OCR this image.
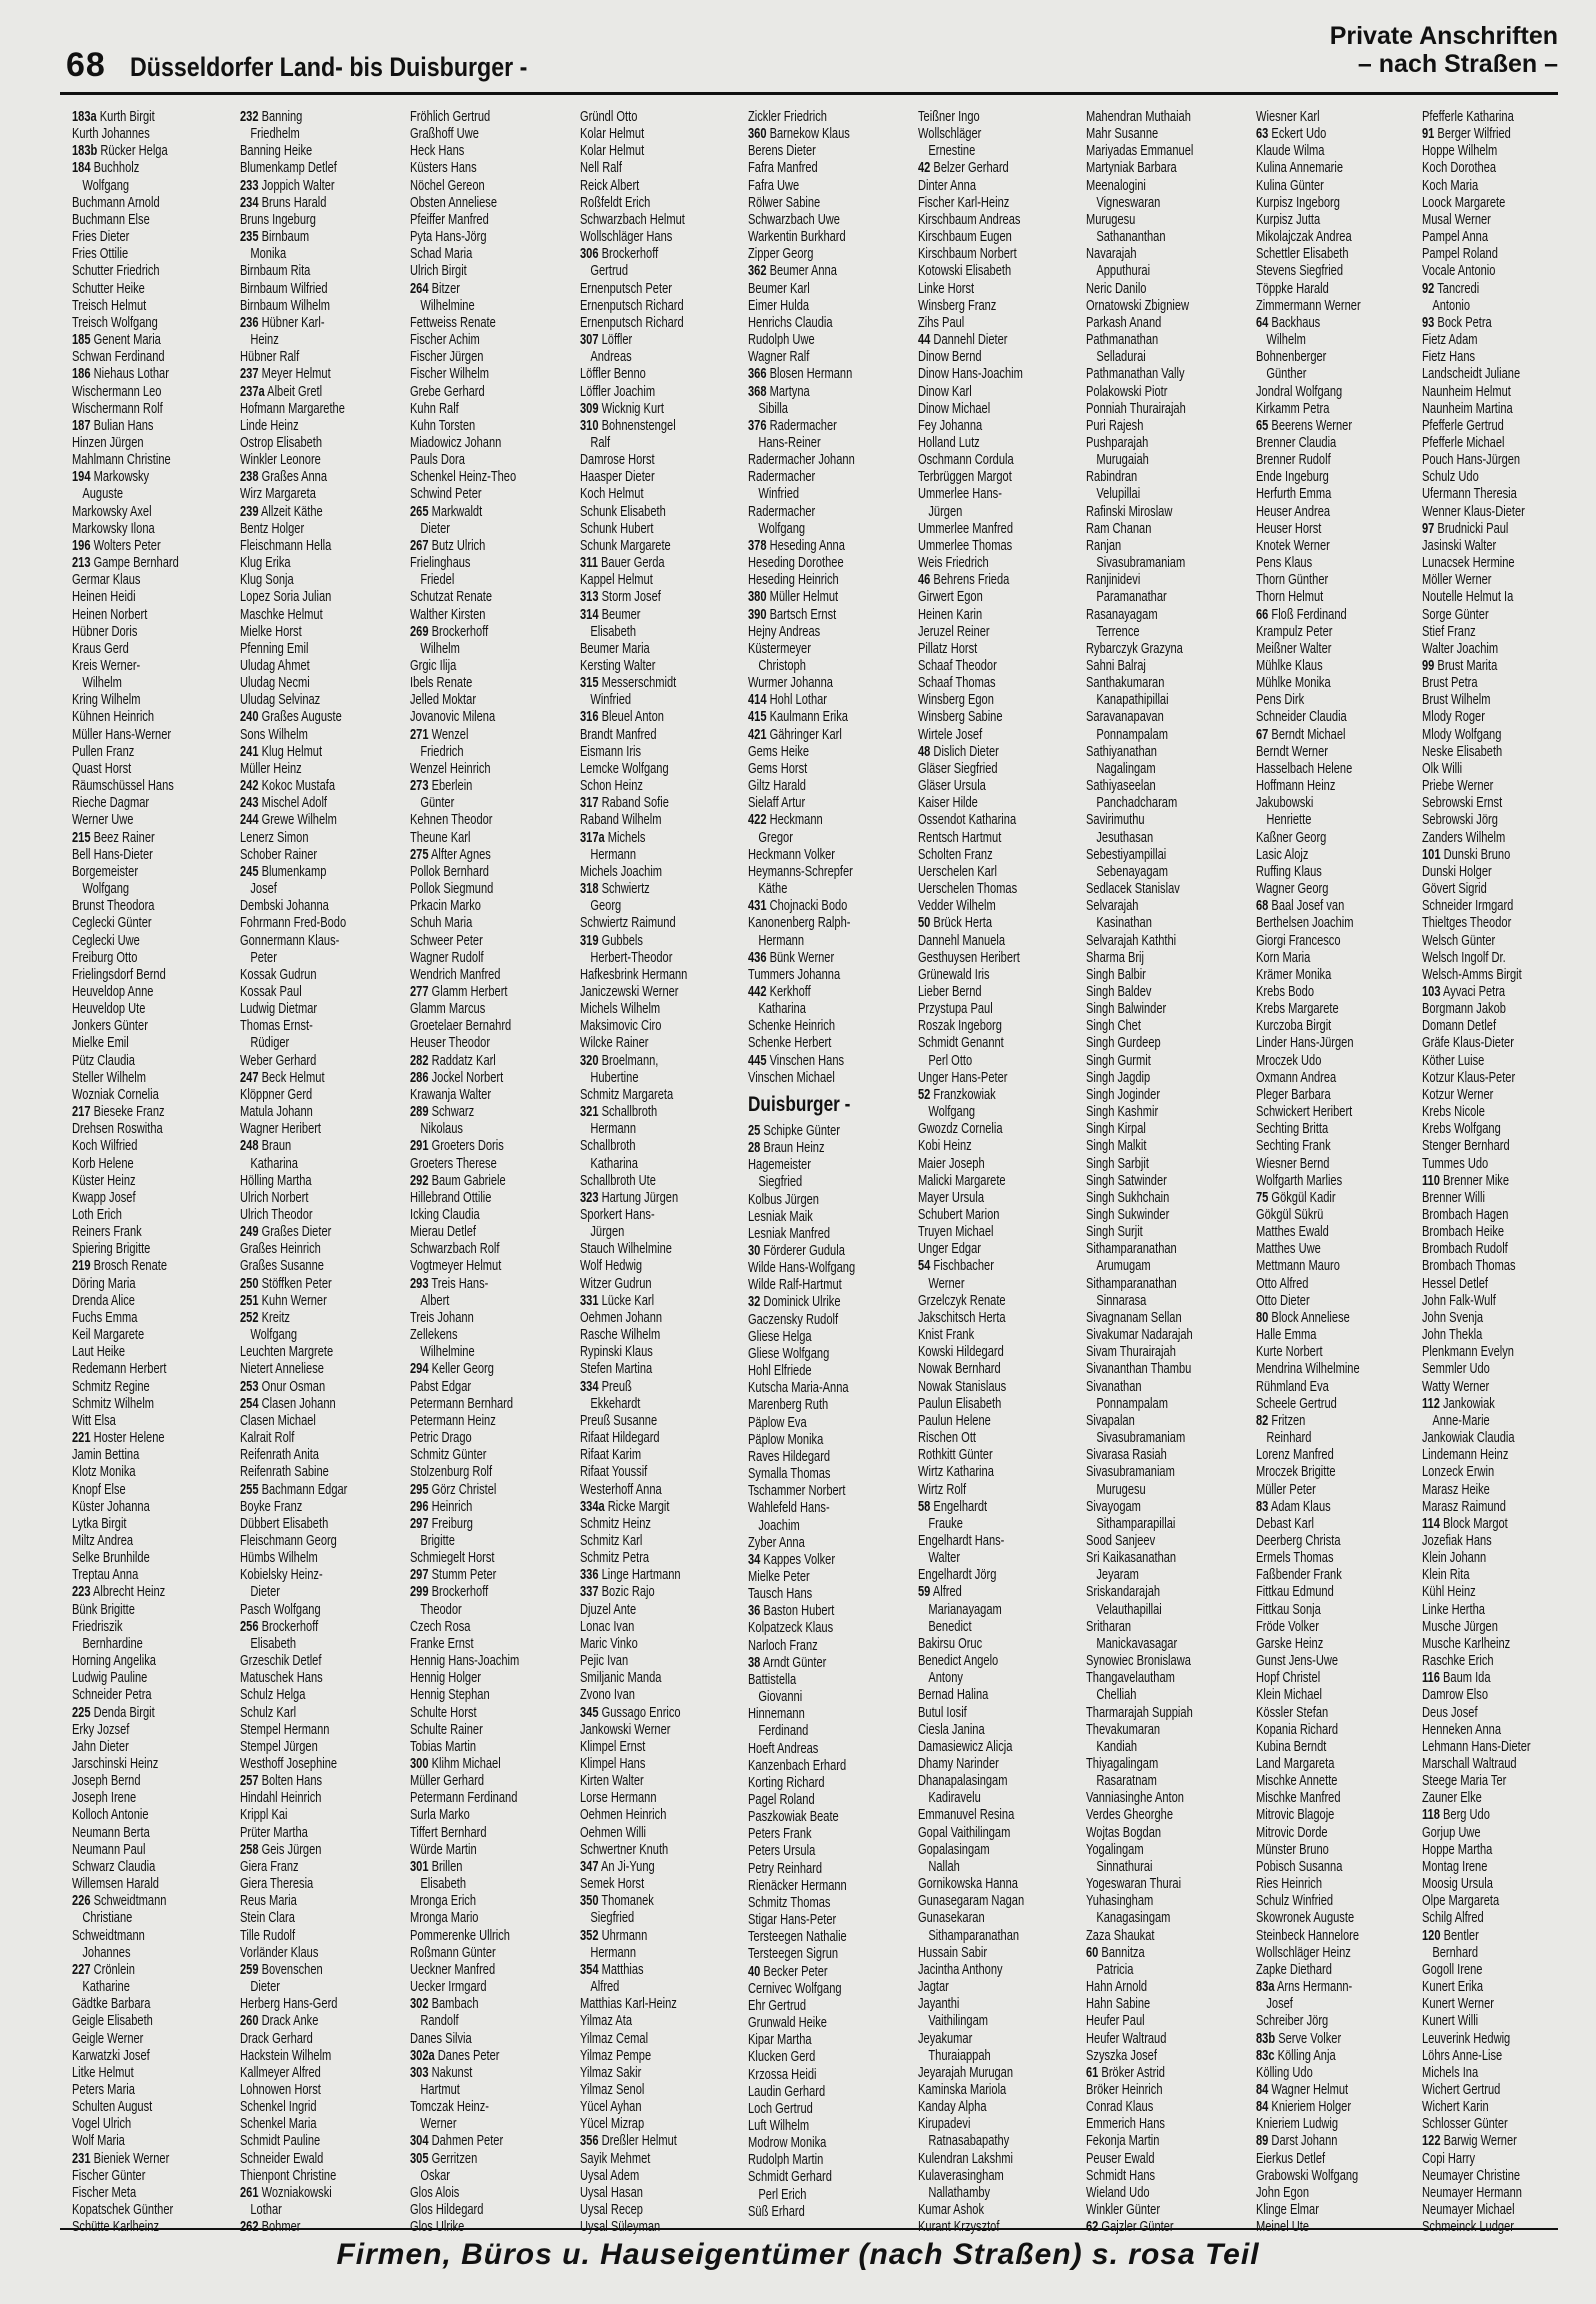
68 Düsseldorfer Land- bis Duisburger -
Private Anschriften
– nach Straßen –
183a Kurth Birgit
Kurth Johannes
183b Rücker Helga
184 Buchholz
Wolfgang
Buchmann Arnold
Buchmann Else
Fries Dieter
Fries Ottilie
Schutter Friedrich
Schutter Heike
Treisch Helmut
Treisch Wolfgang
185 Genent Maria
Schwan Ferdinand
186 Niehaus Lothar
Wischermann Leo
Wischermann Rolf
187 Bulian Hans
Hinzen Jürgen
Mahlmann Christine
194 Markowsky
Auguste
Markowsky Axel
Markowsky Ilona
196 Wolters Peter
213 Gampe Bernhard
Germar Klaus
Heinen Heidi
Heinen Norbert
Hübner Doris
Kraus Gerd
Kreis Werner-
Wilhelm
Kring Wilhelm
Kühnen Heinrich
Müller Hans-Werner
Pullen Franz
Quast Horst
Räumschüssel Hans
Rieche Dagmar
Werner Uwe
215 Beez Rainer
Bell Hans-Dieter
Borgemeister
Wolfgang
Brunst Theodora
Ceglecki Günter
Ceglecki Uwe
Freiburg Otto
Frielingsdorf Bernd
Heuveldop Anne
Heuveldop Ute
Jonkers Günter
Mielke Emil
Pütz Claudia
Steller Wilhelm
Wozniak Cornelia
217 Bieseke Franz
Drehsen Roswitha
Koch Wilfried
Korb Helene
Küster Heinz
Kwapp Josef
Loth Erich
Reiners Frank
Spiering Brigitte
219 Brosch Renate
Döring Maria
Drenda Alice
Fuchs Emma
Keil Margarete
Laut Heike
Redemann Herbert
Schmitz Regine
Schmitz Wilhelm
Witt Elsa
221 Hoster Helene
Jamin Bettina
Klotz Monika
Knopf Else
Küster Johanna
Lytka Birgit
Miltz Andrea
Selke Brunhilde
Treptau Anna
223 Albrecht Heinz
Bünk Brigitte
Friedriszik
Bernhardine
Horning Angelika
Ludwig Pauline
Schneider Petra
225 Denda Birgit
Erky Jozsef
Jahn Dieter
Jarschinski Heinz
Joseph Bernd
Joseph Irene
Kolloch Antonie
Neumann Berta
Neumann Paul
Schwarz Claudia
Willemsen Harald
226 Schweidtmann
Christiane
Schweidtmann
Johannes
227 Crönlein
Katharine
Gädtke Barbara
Geigle Elisabeth
Geigle Werner
Karwatzki Josef
Litke Helmut
Peters Maria
Schulten August
Vogel Ulrich
Wolf Maria
231 Bieniek Werner
Fischer Günter
Fischer Meta
Kopatschek Günther
Schütte Karlheinz
232 Banning
Friedhelm
Banning Heike
Blumenkamp Detlef
233 Joppich Walter
234 Bruns Harald
Bruns Ingeburg
235 Birnbaum
Monika
Birnbaum Rita
Birnbaum Wilfried
Birnbaum Wilhelm
236 Hübner Karl-
Heinz
Hübner Ralf
237 Meyer Helmut
237a Albeit Gretl
Hofmann Margarethe
Linde Heinz
Ostrop Elisabeth
Winkler Leonore
238 Graßes Anna
Wirz Margareta
239 Allzeit Käthe
Bentz Holger
Fleischmann Hella
Klug Erika
Klug Sonja
Lopez Soria Julian
Maschke Helmut
Mielke Horst
Pfenning Emil
Uludag Ahmet
Uludag Necmi
Uludag Selvinaz
240 Graßes Auguste
Sons Wilhelm
241 Klug Helmut
Müller Heinz
242 Kokoc Mustafa
243 Mischel Adolf
244 Grewe Wilhelm
Lenerz Simon
Schober Rainer
245 Blumenkamp
Josef
Dembski Johanna
Fohrmann Fred-Bodo
Gonnermann Klaus-
Peter
Kossak Gudrun
Kossak Paul
Ludwig Dietmar
Thomas Ernst-
Rüdiger
Weber Gerhard
247 Beck Helmut
Klöppner Gerd
Matula Johann
Wagner Heribert
248 Braun
Katharina
Hölling Martha
Ulrich Norbert
Ulrich Theodor
249 Graßes Dieter
Graßes Heinrich
Graßes Susanne
250 Stöffken Peter
251 Kuhn Werner
252 Kreitz
Wolfgang
Leuchten Margrete
Nietert Anneliese
253 Onur Osman
254 Clasen Johann
Clasen Michael
Kalrait Rolf
Reifenrath Anita
Reifenrath Sabine
255 Bachmann Edgar
Boyke Franz
Dübbert Elisabeth
Fleischmann Georg
Hümbs Wilhelm
Kobielsky Heinz-
Dieter
Pasch Wolfgang
256 Brockerhoff
Elisabeth
Grzeschik Detlef
Matuschek Hans
Schulz Helga
Schulz Karl
Stempel Hermann
Stempel Jürgen
Westhoff Josephine
257 Bolten Hans
Hindahl Heinrich
Krippl Kai
Prüter Martha
258 Geis Jürgen
Giera Franz
Giera Theresia
Reus Maria
Stein Clara
Tille Rudolf
Vorländer Klaus
259 Bovenschen
Dieter
Herberg Hans-Gerd
260 Drack Anke
Drack Gerhard
Hackstein Wilhelm
Kallmeyer Alfred
Lohnowen Horst
Schenkel Ingrid
Schenkel Maria
Schmidt Pauline
Schneider Ewald
Thienpont Christine
261 Wozniakowski
Lothar
262 Bohmer
Fröhlich Gertrud
Graßhoff Uwe
Heck Hans
Küsters Hans
Nöchel Gereon
Obsten Anneliese
Pfeiffer Manfred
Pyta Hans-Jörg
Schad Maria
Ulrich Birgit
264 Bitzer
Wilhelmine
Fettweiss Renate
Fischer Achim
Fischer Jürgen
Fischer Wilhelm
Grebe Gerhard
Kuhn Ralf
Kuhn Torsten
Miadowicz Johann
Pauls Dora
Schenkel Heinz-Theo
Schwind Peter
265 Markwaldt
Dieter
267 Butz Ulrich
Frielinghaus
Friedel
Schutzat Renate
Walther Kirsten
269 Brockerhoff
Wilhelm
Grgic Ilija
Ibels Renate
Jelled Moktar
Jovanovic Milena
271 Wenzel
Friedrich
Wenzel Heinrich
273 Eberlein
Günter
Kehnen Theodor
Theune Karl
275 Alfter Agnes
Pollok Bernhard
Pollok Siegmund
Prkacin Marko
Schuh Maria
Schweer Peter
Wagner Rudolf
Wendrich Manfred
277 Glamm Herbert
Glamm Marcus
Groetelaer Bernahrd
Heuser Theodor
282 Raddatz Karl
286 Jockel Norbert
Krawanja Walter
289 Schwarz
Nikolaus
291 Groeters Doris
Groeters Therese
292 Baum Gabriele
Hillebrand Ottilie
Icking Claudia
Mierau Detlef
Schwarzbach Rolf
Vogtmeyer Helmut
293 Treis Hans-
Albert
Treis Johann
Zellekens
Wilhelmine
294 Keller Georg
Pabst Edgar
Petermann Bernhard
Petermann Heinz
Petric Drago
Schmitz Günter
Stolzenburg Rolf
295 Görz Christel
296 Heinrich
297 Freiburg
Brigitte
Schmiegelt Horst
297 Stumm Peter
299 Brockerhoff
Theodor
Czech Rosa
Franke Ernst
Hennig Hans-Joachim
Hennig Holger
Hennig Stephan
Schulte Horst
Schulte Rainer
Tobias Martin
300 Klihm Michael
Müller Gerhard
Petermann Ferdinand
Surla Marko
Tiffert Bernhard
Würde Martin
301 Brillen
Elisabeth
Mronga Erich
Mronga Mario
Pommerenke Ullrich
Roßmann Günter
Ueckner Manfred
Uecker Irmgard
302 Bambach
Randolf
Danes Silvia
302a Danes Peter
303 Nakunst
Hartmut
Tomczak Heinz-
Werner
304 Dahmen Peter
305 Gerritzen
Oskar
Glos Alois
Glos Hildegard
Glos Ulrike
Gründl Otto
Kolar Helmut
Kolar Helmut
Nell Ralf
Reick Albert
Roßfeldt Erich
Schwarzbach Helmut
Wollschläger Hans
306 Brockerhoff
Gertrud
Ernenputsch Peter
Ernenputsch Richard
Ernenputsch Richard
307 Löffler
Andreas
Löffler Benno
Löffler Joachim
309 Wicknig Kurt
310 Bohnenstengel
Ralf
Damrose Horst
Haasper Dieter
Koch Helmut
Schunk Elisabeth
Schunk Hubert
Schunk Margarete
311 Bauer Gerda
Kappel Helmut
313 Storm Josef
314 Beumer
Elisabeth
Beumer Maria
Kersting Walter
315 Messerschmidt
Winfried
316 Bleuel Anton
Brandt Manfred
Eismann Iris
Lemcke Wolfgang
Schon Heinz
317 Raband Sofie
Raband Wilhelm
317a Michels
Hermann
Michels Joachim
318 Schwiertz
Georg
Schwiertz Raimund
319 Gubbels
Herbert-Theodor
Hafkesbrink Hermann
Janiczewski Werner
Michels Wilhelm
Maksimovic Ciro
Wilcke Rainer
320 Broelmann,
Hubertine
Schmitz Margareta
321 Schallbroth
Hermann
Schallbroth
Katharina
Schallbroth Ute
323 Hartung Jürgen
Sporkert Hans-
Jürgen
Stauch Wilhelmine
Wolf Hedwig
Witzer Gudrun
331 Lücke Karl
Oehmen Johann
Rasche Wilhelm
Rypinski Klaus
Stefen Martina
334 Preuß
Ekkehardt
Preuß Susanne
Rifaat Hildegard
Rifaat Karim
Rifaat Youssif
Westerhoff Anna
334a Ricke Margit
Schmitz Heinz
Schmitz Karl
Schmitz Petra
336 Linge Hartmann
337 Bozic Rajo
Djuzel Ante
Lonac Ivan
Maric Vinko
Pejic Ivan
Smiljanic Manda
Zvono Ivan
345 Gussago Enrico
Jankowski Werner
Klimpel Ernst
Klimpel Hans
Kirten Walter
Lorse Hermann
Oehmen Heinrich
Oehmen Willi
Schwertner Knuth
347 An Ji-Yung
Semek Horst
350 Thomanek
Siegfried
352 Uhrmann
Hermann
354 Matthias
Alfred
Matthias Karl-Heinz
Yilmaz Ata
Yilmaz Cemal
Yilmaz Pempe
Yilmaz Sakir
Yilmaz Senol
Yücel Ayhan
Yücel Mizrap
356 Dreßler Helmut
Sayik Mehmet
Uysal Adem
Uysal Hasan
Uysal Recep
Uysal Süleyman
Zickler Friedrich
360 Barnekow Klaus
Berens Dieter
Fafra Manfred
Fafra Uwe
Rölwer Sabine
Schwarzbach Uwe
Warkentin Burkhard
Zipper Georg
362 Beumer Anna
Beumer Karl
Eimer Hulda
Henrichs Claudia
Rudolph Uwe
Wagner Ralf
366 Blosen Hermann
368 Martyna
Sibilla
376 Radermacher
Hans-Reiner
Radermacher Johann
Radermacher
Winfried
Radermacher
Wolfgang
378 Heseding Anna
Heseding Dorothee
Heseding Heinrich
380 Müller Helmut
390 Bartsch Ernst
Hejny Andreas
Küstermeyer
Christoph
Wurmer Johanna
414 Hohl Lothar
415 Kaulmann Erika
421 Gähringer Karl
Gems Heike
Gems Horst
Giltz Harald
Sielaff Artur
422 Heckmann
Gregor
Heckmann Volker
Heymanns-Schrepfer
Käthe
431 Chojnacki Bodo
Kanonenberg Ralph-
Hermann
436 Bünk Werner
Tummers Johanna
442 Kerkhoff
Katharina
Schenke Heinrich
Schenke Herbert
445 Vinschen Hans
Vinschen Michael
Duisburger -
25 Schipke Günter
28 Braun Heinz
Hagemeister
Siegfried
Kolbus Jürgen
Lesniak Maik
Lesniak Manfred
30 Förderer Gudula
Wilde Hans-Wolfgang
Wilde Ralf-Hartmut
32 Dominick Ulrike
Gaczensky Rudolf
Gliese Helga
Gliese Wolfgang
Hohl Elfriede
Kutscha Maria-Anna
Marenberg Ruth
Päplow Eva
Päplow Monika
Raves Hildegard
Symalla Thomas
Tschammer Norbert
Wahlefeld Hans-
Joachim
Zyber Anna
34 Kappes Volker
Mielke Peter
Tausch Hans
36 Baston Hubert
Kolpatzeck Klaus
Narloch Franz
38 Arndt Günter
Battistella
Giovanni
Hinnemann
Ferdinand
Hoeft Andreas
Kanzenbach Erhard
Korting Richard
Pagel Roland
Paszkowiak Beate
Peters Frank
Peters Ursula
Petry Reinhard
Rienäcker Hermann
Schmitz Thomas
Stigar Hans-Peter
Tersteegen Nathalie
Tersteegen Sigrun
40 Becker Peter
Cernivec Wolfgang
Ehr Gertrud
Grunwald Heike
Kipar Martha
Klucken Gerd
Krzossa Heidi
Laudin Gerhard
Loch Gertrud
Luft Wilhelm
Modrow Monika
Rudolph Martin
Schmidt Gerhard
Perl Erich
Süß Erhard
Teißner Ingo
Wollschläger
Ernestine
42 Belzer Gerhard
Dinter Anna
Fischer Karl-Heinz
Kirschbaum Andreas
Kirschbaum Eugen
Kirschbaum Norbert
Kotowski Elisabeth
Linke Horst
Winsberg Franz
Zihs Paul
44 Dannehl Dieter
Dinow Bernd
Dinow Hans-Joachim
Dinow Karl
Dinow Michael
Fey Johanna
Holland Lutz
Oschmann Cordula
Terbrüggen Margot
Ummerlee Hans-
Jürgen
Ummerlee Manfred
Ummerlee Thomas
Weis Friedrich
46 Behrens Frieda
Girwert Egon
Heinen Karin
Jeruzel Reiner
Pillatz Horst
Schaaf Theodor
Schaaf Thomas
Winsberg Egon
Winsberg Sabine
Wirtele Josef
48 Dislich Dieter
Gläser Siegfried
Gläser Ursula
Kaiser Hilde
Ossendot Katharina
Rentsch Hartmut
Scholten Franz
Uerschelen Karl
Uerschelen Thomas
Vedder Wilhelm
50 Brück Herta
Dannehl Manuela
Gesthuysen Heribert
Grünewald Iris
Lieber Bernd
Przystupa Paul
Roszak Ingeborg
Schmidt Genannt
Perl Otto
Unger Hans-Peter
52 Franzkowiak
Wolfgang
Gwozdz Cornelia
Kobi Heinz
Maier Joseph
Malicki Margarete
Mayer Ursula
Schubert Marion
Truyen Michael
Unger Edgar
54 Fischbacher
Werner
Grzelczyk Renate
Jakschitsch Herta
Knist Frank
Kowski Hildegard
Nowak Bernhard
Nowak Stanislaus
Paulun Elisabeth
Paulun Helene
Rischen Ott
Rothkitt Günter
Wirtz Katharina
Wirtz Rolf
58 Engelhardt
Frauke
Engelhardt Hans-
Walter
Engelhardt Jörg
59 Alfred
Marianayagam
Benedict
Bakirsu Oruc
Benedict Angelo
Antony
Bernad Halina
Butul Iosif
Ciesla Janina
Damasiewicz Alicja
Dhamy Narinder
Dhanapalasingam
Kadiravelu
Emmanuvel Resina
Gopal Vaithilingam
Gopalasingam
Nallah
Gornikowska Hanna
Gunasegaram Nagan
Gunasekaran
Sithamparanathan
Hussain Sabir
Jacintha Anthony
Jagtar
Jayanthi
Vaithilingam
Jeyakumar
Thuraiappah
Jeyarajah Murugan
Kaminska Mariola
Kanday Alpha
Kirupadevi
Ratnasabapathy
Kulendran Lakshmi
Kulaverasingham
Nallathamby
Kumar Ashok
Kurant Krzysztof
Mahendran Muthaiah
Mahr Susanne
Mariyadas Emmanuel
Martyniak Barbara
Meenalogini
Vigneswaran
Murugesu
Sathananthan
Navarajah
Apputhurai
Neric Danilo
Ornatowski Zbigniew
Parkash Anand
Pathmanathan
Selladurai
Pathmanathan Vally
Polakowski Piotr
Ponniah Thurairajah
Puri Rajesh
Pushparajah
Murugaiah
Rabindran
Velupillai
Rafinski Miroslaw
Ram Chanan
Ranjan
Sivasubramaniam
Ranjinidevi
Paramanathar
Rasanayagam
Terrence
Rybarczyk Grazyna
Sahni Balraj
Santhakumaran
Kanapathipillai
Saravanapavan
Ponnampalam
Sathiyanathan
Nagalingam
Sathiyaseelan
Panchadcharam
Savirimuthu
Jesuthasan
Sebestiyampillai
Sebenayagam
Sedlacek Stanislav
Selvarajah
Kasinathan
Selvarajah Kaththi
Sharma Brij
Singh Balbir
Singh Baldev
Singh Balwinder
Singh Chet
Singh Gurdeep
Singh Gurmit
Singh Jagdip
Singh Joginder
Singh Kashmir
Singh Kirpal
Singh Malkit
Singh Sarbjit
Singh Satwinder
Singh Sukhchain
Singh Sukwinder
Singh Surjit
Sithamparanathan
Arumugam
Sithamparanathan
Sinnarasa
Sivagnanam Sellan
Sivakumar Nadarajah
Sivam Thurairajah
Sivananthan Thambu
Sivanathan
Ponnampalam
Sivapalan
Sivasubramaniam
Sivarasa Rasiah
Sivasubramaniam
Murugesu
Sivayogam
Sithamparapillai
Sood Sanjeev
Sri Kaikasanathan
Jeyaram
Sriskandarajah
Velauthapillai
Sritharan
Manickavasagar
Synowiec Bronislawa
Thangavelautham
Chelliah
Tharmarajah Suppiah
Thevakumaran
Kandiah
Thiyagalingam
Rasaratnam
Vanniasinghe Anton
Verdes Gheorghe
Wojtas Bogdan
Yogalingam
Sinnathurai
Yogeswaran Thurai
Yuhasingham
Kanagasingam
Zaza Shaukat
60 Bannitza
Patricia
Hahn Arnold
Hahn Sabine
Heufer Paul
Heufer Waltraud
Szyszka Josef
61 Bröker Astrid
Bröker Heinrich
Conrad Klaus
Emmerich Hans
Fekonja Martin
Peuser Ewald
Schmidt Hans
Wieland Udo
Winkler Günter
62 Gajzler Günter
Wiesner Karl
63 Eckert Udo
Klaude Wilma
Kulina Annemarie
Kulina Günter
Kurpisz Ingeborg
Kurpisz Jutta
Mikolajczak Andrea
Schettler Elisabeth
Stevens Siegfried
Töppke Harald
Zimmermann Werner
64 Backhaus
Wilhelm
Bohnenberger
Günther
Jondral Wolfgang
Kirkamm Petra
65 Beerens Werner
Brenner Claudia
Brenner Rudolf
Ende Ingeburg
Herfurth Emma
Heuser Andrea
Heuser Horst
Knotek Werner
Pens Klaus
Thorn Günther
Thorn Helmut
66 Floß Ferdinand
Krampulz Peter
Meißner Walter
Mühlke Klaus
Mühlke Monika
Pens Dirk
Schneider Claudia
67 Berndt Michael
Berndt Werner
Hasselbach Helene
Hoffmann Heinz
Jakubowski
Henriette
Kaßner Georg
Lasic Alojz
Ruffing Klaus
Wagner Georg
68 Baal Josef van
Berthelsen Joachim
Giorgi Francesco
Korn Maria
Krämer Monika
Krebs Bodo
Krebs Margarete
Kurczoba Birgit
Linder Hans-Jürgen
Mroczek Udo
Oxmann Andrea
Pleger Barbara
Schwickert Heribert
Sechting Britta
Sechting Frank
Wiesner Bernd
Wolfgarth Marlies
75 Gökgül Kadir
Gökgül Sükrü
Matthes Ewald
Matthes Uwe
Mettmann Mauro
Otto Alfred
Otto Dieter
80 Block Anneliese
Halle Emma
Kurte Norbert
Mendrina Wilhelmine
Rühmland Eva
Scheele Gertrud
82 Fritzen
Reinhard
Lorenz Manfred
Mroczek Brigitte
Müller Peter
83 Adam Klaus
Debast Karl
Deerberg Christa
Ermels Thomas
Faßbender Frank
Fittkau Edmund
Fittkau Sonja
Fröde Volker
Garske Heinz
Gunst Jens-Uwe
Hopf Christel
Klein Michael
Kössler Stefan
Kopania Richard
Kubina Berndt
Land Margareta
Mischke Annette
Mischke Manfred
Mitrovic Blagoje
Mitrovic Dorde
Münster Bruno
Pobisch Susanna
Ries Heinrich
Schulz Winfried
Skowronek Auguste
Steinbeck Hannelore
Wollschläger Heinz
Zapke Diethard
83a Arns Hermann-
Josef
Schreiber Jörg
83b Serve Volker
83c Kölling Anja
Kölling Udo
84 Wagner Helmut
84 Knieriem Holger
Knieriem Ludwig
89 Darst Johann
Eierkus Detlef
Grabowski Wolfgang
John Egon
Klinge Elmar
Meinel Ute
Pfefferle Katharina
91 Berger Wilfried
Hoppe Wilhelm
Koch Dorothea
Koch Maria
Loock Margarete
Musal Werner
Pampel Anna
Pampel Roland
Vocale Antonio
92 Tancredi
Antonio
93 Bock Petra
Fietz Adam
Fietz Hans
Landscheidt Juliane
Naunheim Helmut
Naunheim Martina
Pfefferle Gertrud
Pfefferle Michael
Pouch Hans-Jürgen
Schulz Udo
Ufermann Theresia
Wenner Klaus-Dieter
97 Brudnicki Paul
Jasinski Walter
Lunacsek Hermine
Möller Werner
Noutelle Helmut Ia
Sorge Günter
Stief Franz
Walter Joachim
99 Brust Marita
Brust Petra
Brust Wilhelm
Mlody Roger
Mlody Wolfgang
Neske Elisabeth
Olk Willi
Priebe Werner
Sebrowski Ernst
Sebrowski Jörg
Zanders Wilhelm
101 Dunski Bruno
Dunski Holger
Gövert Sigrid
Schneider Irmgard
Thieltges Theodor
Welsch Günter
Welsch Ingolf Dr.
Welsch-Amms Birgit
103 Ayvaci Petra
Borgmann Jakob
Domann Detlef
Gräfe Klaus-Dieter
Köther Luise
Kotzur Klaus-Peter
Kotzur Werner
Krebs Nicole
Krebs Wolfgang
Stenger Bernhard
Tummes Udo
110 Brenner Mike
Brenner Willi
Brombach Hagen
Brombach Heike
Brombach Rudolf
Brombach Thomas
Hessel Detlef
John Falk-Wulf
John Svenja
John Thekla
Plenkmann Evelyn
Semmler Udo
Watty Werner
112 Jankowiak
Anne-Marie
Jankowiak Claudia
Lindemann Heinz
Lonzeck Erwin
Marasz Heike
Marasz Raimund
114 Block Margot
Jozefiak Hans
Klein Johann
Klein Rita
Kühl Heinz
Linke Hertha
Musche Jürgen
Musche Karlheinz
Raschke Erich
116 Baum Ida
Damrow Elso
Deus Josef
Henneken Anna
Lehmann Hans-Dieter
Marschall Waltraud
Steege Maria Ter
Zauner Elke
118 Berg Udo
Gorjup Uwe
Hoppe Martha
Montag Irene
Moosig Ursula
Olpe Margareta
Schilg Alfred
120 Bentler
Bernhard
Gogoll Irene
Kunert Erika
Kunert Werner
Kunert Willi
Leuverink Hedwig
Löhrs Anne-Lise
Michels Ina
Wichert Gertrud
Wichert Karin
Schlosser Günter
122 Barwig Werner
Copi Harry
Neumayer Christine
Neumayer Hermann
Neumayer Michael
Schmeinck Ludger
Firmen, Büros u. Hauseigentümer (nach Straßen) s. rosa Teil
